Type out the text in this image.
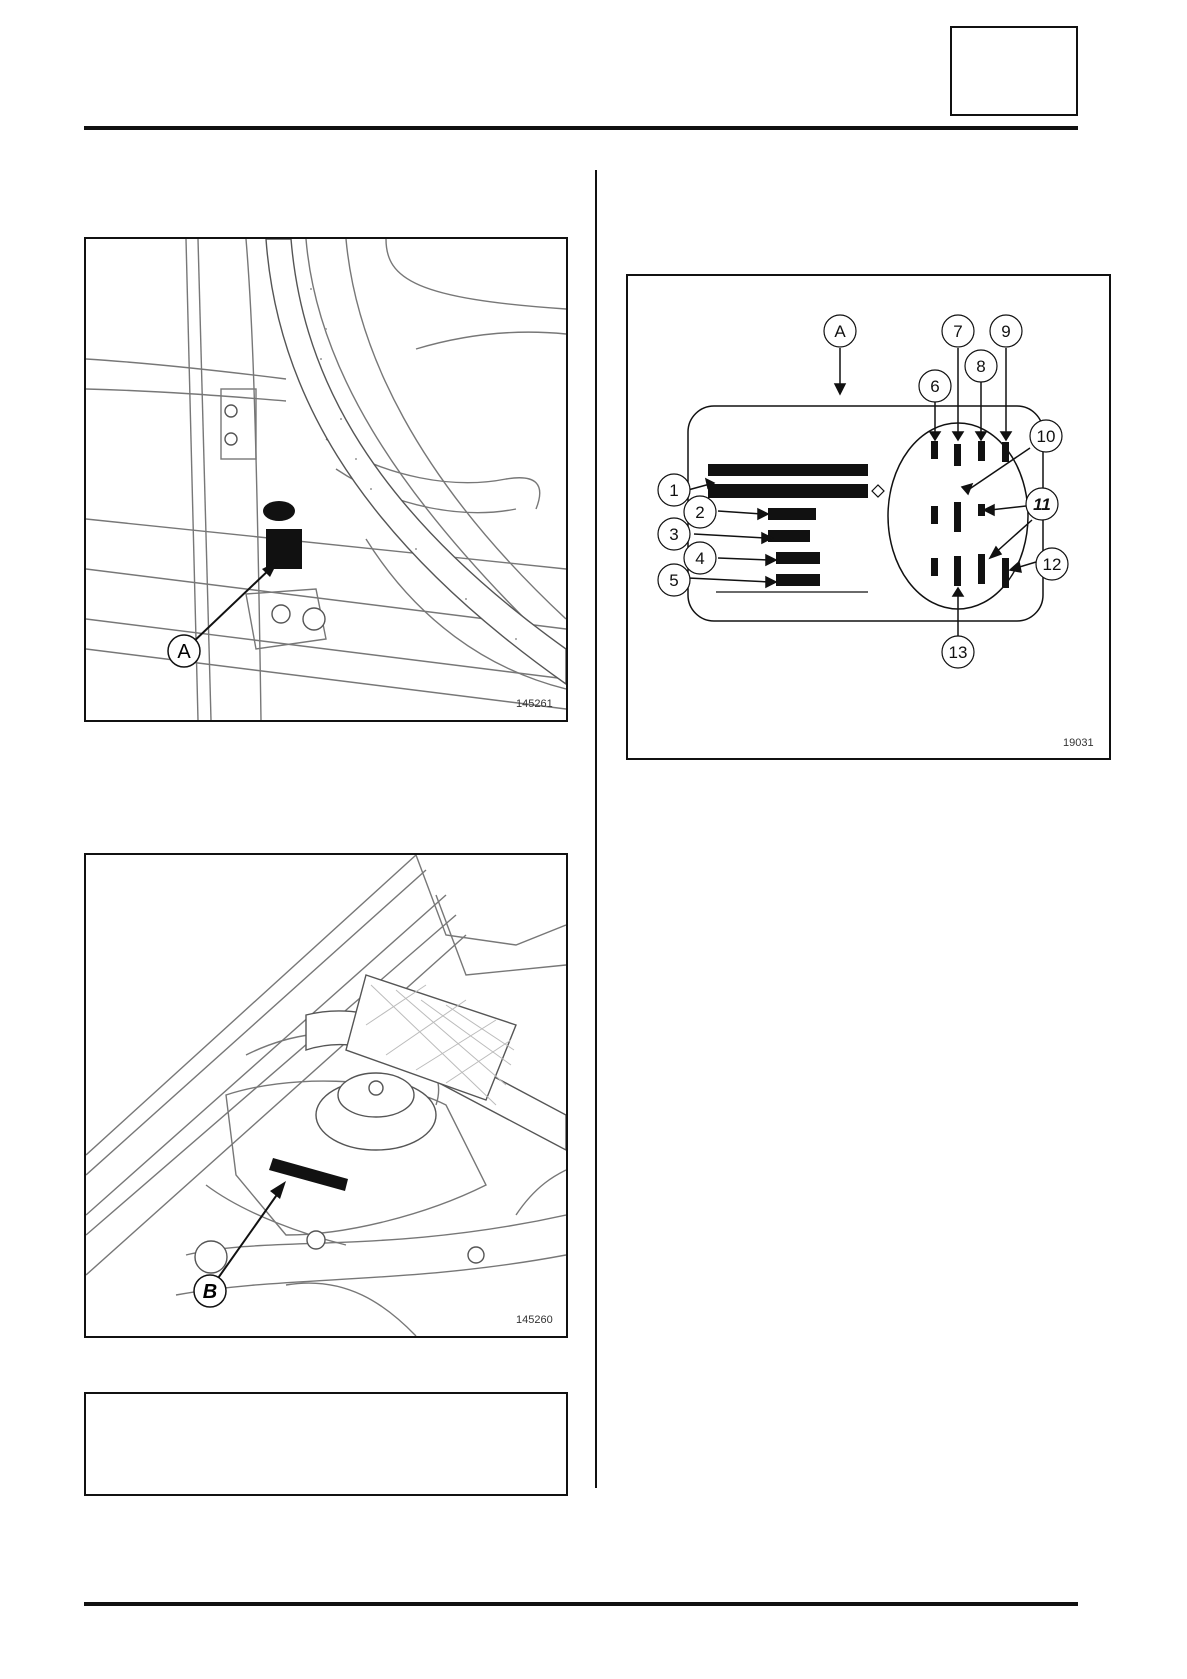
A
145261
B
145260
A
1
2
3
4
5
6
7
8
9
10
11
12
13
19031
